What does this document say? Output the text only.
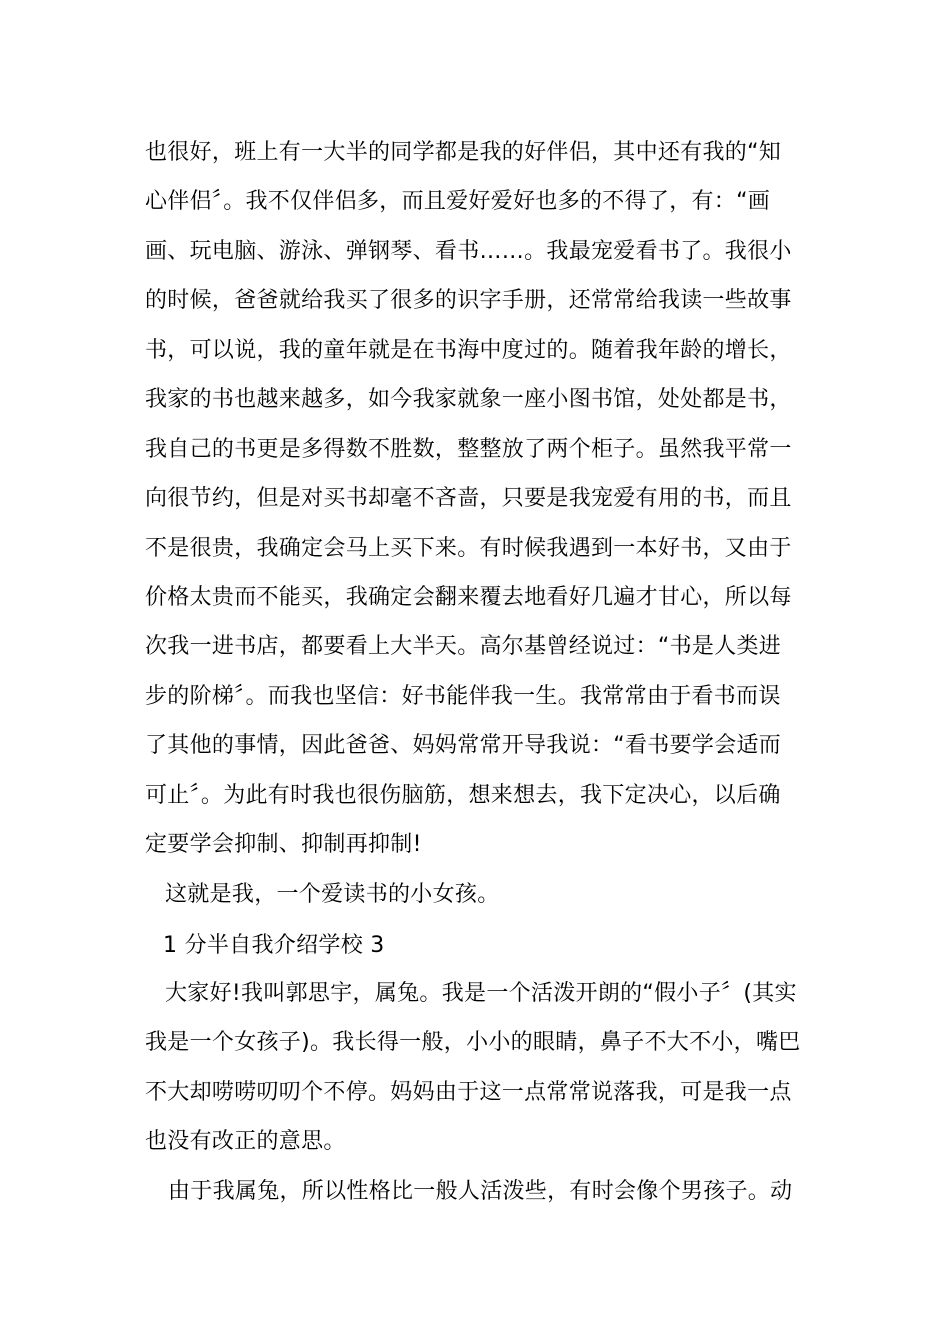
也很好，班上有一大半的同学都是我的好伴侣，其中还有我的“知
心伴侣〞。我不仅伴侣多，而且爱好爱好也多的不得了，有：“画
画、玩电脑、游泳、弹钢琴、看书……。我最宠爱看书了。我很小
的时候，爸爸就给我买了很多的识字手册，还常常给我读一些故事
书，可以说，我的童年就是在书海中度过的。随着我年龄的增长，
我家的书也越来越多，如今我家就象一座小图书馆，处处都是书，
我自己的书更是多得数不胜数，整整放了两个柜子。虽然我平常一
向很节约，但是对买书却毫不吝啬，只要是我宠爱有用的书，而且
不是很贵，我确定会马上买下来。有时候我遇到一本好书，又由于
价格太贵而不能买，我确定会翻来覆去地看好几遍才甘心，所以每
次我一进书店，都要看上大半天。高尔基曾经说过：“书是人类进
步的阶梯〞。而我也坚信：好书能伴我一生。我常常由于看书而误
了其他的事情，因此爸爸、妈妈常常开导我说：“看书要学会适而
可止〞。为此有时我也很伤脑筋，想来想去，我下定决心，以后确
定要学会抑制、抑制再抑制!
这就是我，一个爱读书的小女孩。
1 分半自我介绍学校 3
大家好!我叫郭思宇，属兔。我是一个活泼开朗的“假小子〞(其实
我是一个女孩子)。我长得一般，小小的眼睛，鼻子不大不小，嘴巴
不大却唠唠叨叨个不停。妈妈由于这一点常常说落我，可是我一点
也没有改正的意思。
由于我属兔，所以性格比一般人活泼些，有时会像个男孩子。动
